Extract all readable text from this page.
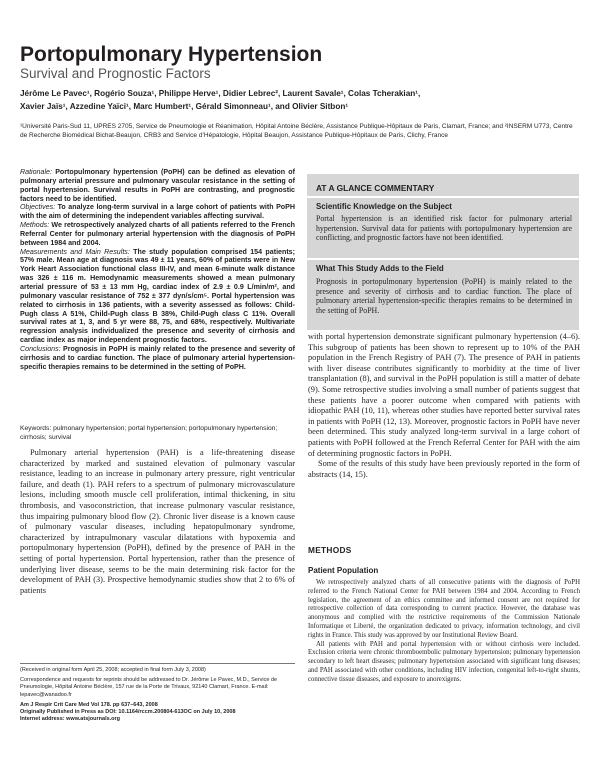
Portopulmonary Hypertension
Survival and Prognostic Factors
Jérôme Le Pavec¹, Rogério Souza¹, Philippe Herve¹, Didier Lebrec², Laurent Savale¹, Colas Tcherakian¹,
Xavier Jaïs¹, Azzedine Yaïci¹, Marc Humbert¹, Gérald Simonneau¹, and Olivier Sitbon¹
¹Université Paris-Sud 11, UPRES 2705, Service de Pneumologie et Réanimation, Hôpital Antoine Béclère, Assistance Publique-Hôpitaux de Paris, Clamart, France; and ²INSERM U773, Centre de Recherche Biomédical Bichat-Beaujon, CRB3 and Service d’Hépatologie, Hôpital Beaujon, Assistance Publique-Hôpitaux de Paris, Clichy, France

Rationale: Portopulmonary hypertension (PoPH) can be defined as elevation of pulmonary arterial pressure and pulmonary vascular resistance in the setting of portal hypertension. Survival results in PoPH are contrasting, and prognostic factors need to be identified.

Objectives: To analyze long-term survival in a large cohort of patients with PoPH with the aim of determining the independent variables affecting survival.

Methods: We retrospectively analyzed charts of all patients referred to the French Referral Center for pulmonary arterial hypertension with the diagnosis of PoPH between 1984 and 2004.

Measurements and Main Results: The study population comprised 154 patients; 57% male. Mean age at diagnosis was 49 ± 11 years, 60% of patients were in New York Heart Association functional class III-IV, and mean 6-minute walk distance was 326 ± 116 m. Hemodynamic measurements showed a mean pulmonary arterial pressure of 53 ± 13 mm Hg, cardiac index of 2.9 ± 0.9 L/min/m², and pulmonary vascular resistance of 752 ± 377 dyn/s/cm⁵. Portal hypertension was related to cirrhosis in 136 patients, with a severity assessed as follows: Child-Pugh class A 51%, Child-Pugh class B 38%, Child-Pugh class C 11%. Overall survival rates at 1, 3, and 5 yr were 88, 75, and 68%, respectively. Multivariate regression analysis individualized the presence and severity of cirrhosis and cardiac index as major independent prognostic factors.

Conclusions: Prognosis in PoPH is mainly related to the presence and severity of cirrhosis and to cardiac function. The place of pulmonary arterial hypertension-specific therapies remains to be determined in the setting of PoPH.

Keywords: pulmonary hypertension; portal hypertension; portopulmonary hypertension; cirrhosis; survival

Pulmonary arterial hypertension (PAH) is a life-threatening disease characterized by marked and sustained elevation of pulmonary vascular resistance, leading to an increase in pulmonary artery pressure, right ventricular failure, and death (1). PAH refers to a spectrum of pulmonary microvasculature lesions, including smooth muscle cell proliferation, intimal thickening, in situ thrombosis, and vasoconstriction, that increase pulmonary vascular resistance, thus impairing pulmonary blood flow (2). Chronic liver disease is a known cause of pulmonary vascular diseases, including hepatopulmonary syndrome, characterized by intrapulmonary vascular dilatations with hypoxemia and portopulmonary hypertension (PoPH), defined by the presence of PAH in the setting of portal hypertension. Portal hypertension, rather than the presence of underlying liver disease, seems to be the main determining risk factor for the development of PAH (3). Prospective hemodynamic studies show that 2 to 6% of patients

(Received in original form April 25, 2008; accepted in final form July 3, 2008)

Correspondence and requests for reprints should be addressed to Dr. Jérôme Le Pavec, M.D., Service de Pneumologie, Hôpital Antoine Béclère, 157 rue de la Porte de Trivaux, 92140 Clamart, France. E-mail: lepavec@wanadoo.fr

Am J Respir Crit Care Med Vol 178. pp 637–643, 2008
Originally Published in Press as DOI: 10.1164/rccm.200804-613OC on July 10, 2008
Internet address: www.atsjournals.org
AT A GLANCE COMMENTARY
Scientific Knowledge on the Subject

Portal hypertension is an identified risk factor for pulmonary arterial hypertension. Survival data for patients with portopulmonary hypertension are conflicting, and prognostic factors have not been identified.

What This Study Adds to the Field

Prognosis in portopulmonary hypertension (PoPH) is mainly related to the presence and severity of cirrhosis and to cardiac function. The place of pulmonary arterial hypertension-specific therapies remains to be determined in the setting of PoPH.

with portal hypertension demonstrate significant pulmonary hypertension (4–6). This subgroup of patients has been shown to represent up to 10% of the PAH population in the French Registry of PAH (7). The presence of PAH in patients with liver disease contributes significantly to morbidity at the time of liver transplantation (8), and survival in the PoPH population is still a matter of debate (9). Some retrospective studies involving a small number of patients suggest that these patients have a poorer outcome when compared with patients with idiopathic PAH (10, 11), whereas other studies have reported better survival rates in patients with PoPH (12, 13). Moreover, prognostic factors in PoPH have never been determined. This study analyzed long-term survival in a large cohort of patients with PoPH followed at the French Referral Center for PAH with the aim of determining prognostic factors in PoPH.

Some of the results of this study have been previously reported in the form of abstracts (14, 15).

METHODS
Patient Population

We retrospectively analyzed charts of all consecutive patients with the diagnosis of PoPH referred to the French National Center for PAH between 1984 and 2004. According to French legislation, the agreement of an ethics committee and informed consent are not required for retrospective collection of data corresponding to current practice. However, the database was anonymous and complied with the restrictive requirements of the Commission Nationale Informatique et Liberté, the organization dedicated to privacy, information technology, and civil rights in France. This study was approved by our Institutional Review Board.

All patients with PAH and portal hypertension with or without cirrhosis were included. Exclusion criteria were chronic thromboembolic pulmonary hypertension; pulmonary hypertension secondary to left heart diseases; pulmonary hypertension associated with significant lung diseases; and PAH associated with other conditions, including HIV infection, congenital left-to-right shunts, connective tissue diseases, and exposure to anorexigens.
